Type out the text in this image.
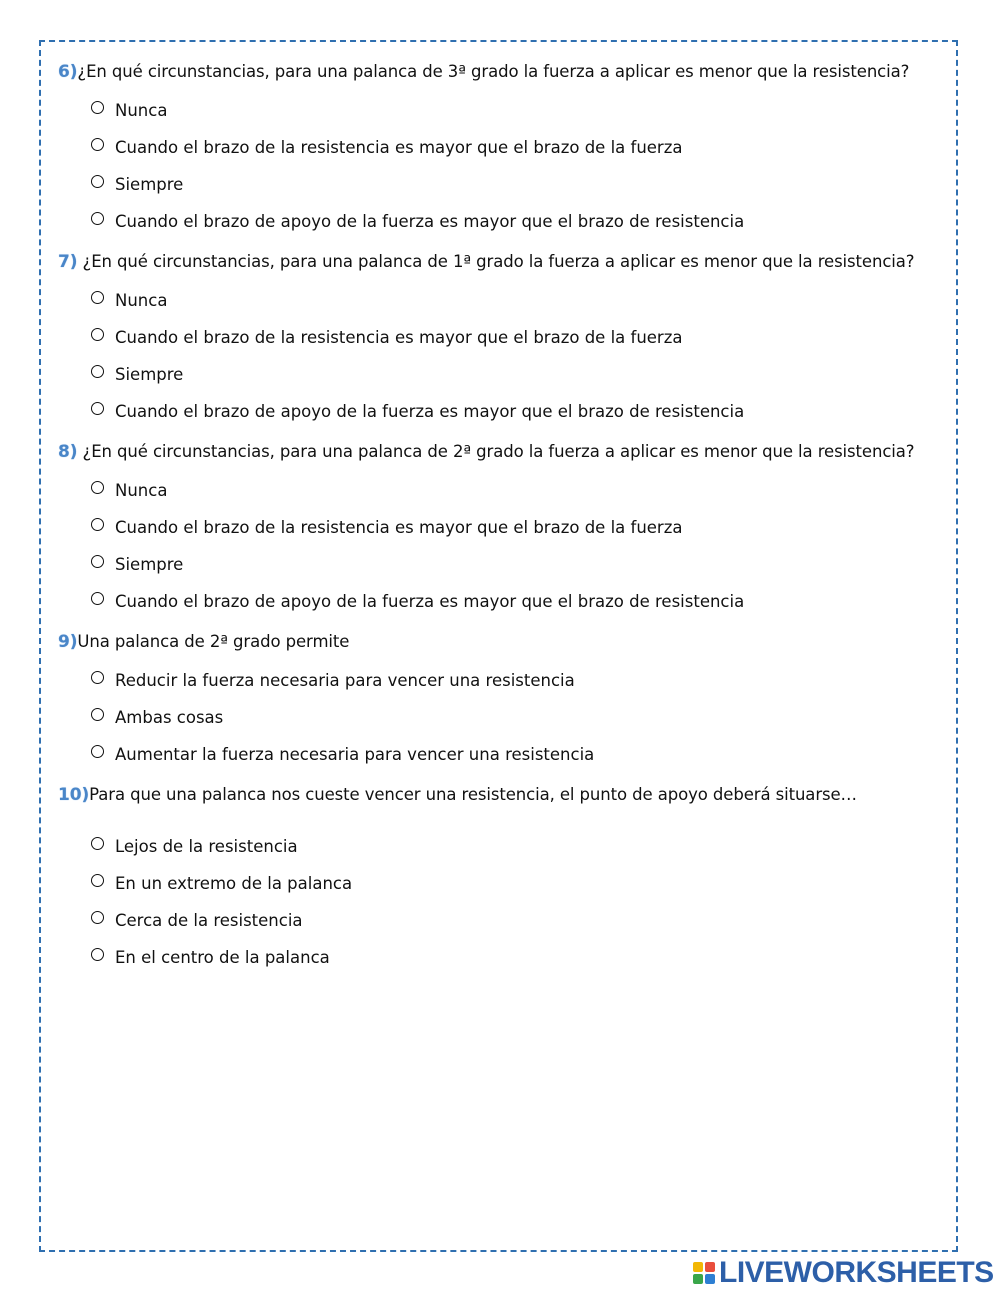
6)¿En qué circunstancias, para una palanca de 3ª grado la fuerza a aplicar es menor que la resistencia?
Nunca
Cuando el brazo de la resistencia es mayor que el brazo de la fuerza
Siempre
Cuando el brazo de apoyo de la fuerza es mayor que el brazo de resistencia
7) ¿En qué circunstancias, para una palanca de 1ª grado la fuerza a aplicar es menor que la resistencia?
Nunca
Cuando el brazo de la resistencia es mayor que el brazo de la fuerza
Siempre
Cuando el brazo de apoyo de la fuerza es mayor que el brazo de resistencia
8) ¿En qué circunstancias, para una palanca de 2ª grado la fuerza a aplicar es menor que la resistencia?
Nunca
Cuando el brazo de la resistencia es mayor que el brazo de la fuerza
Siempre
Cuando el brazo de apoyo de la fuerza es mayor que el brazo de resistencia
9)Una palanca de 2ª grado permite
Reducir la fuerza necesaria para vencer una resistencia
Ambas cosas
Aumentar la fuerza necesaria para vencer una resistencia
10)Para que una palanca nos cueste vencer una resistencia, el punto de apoyo deberá situarse…
Lejos de la resistencia
En un extremo de la palanca
Cerca de la resistencia
En el centro de la palanca
LIVEWORKSHEETS
